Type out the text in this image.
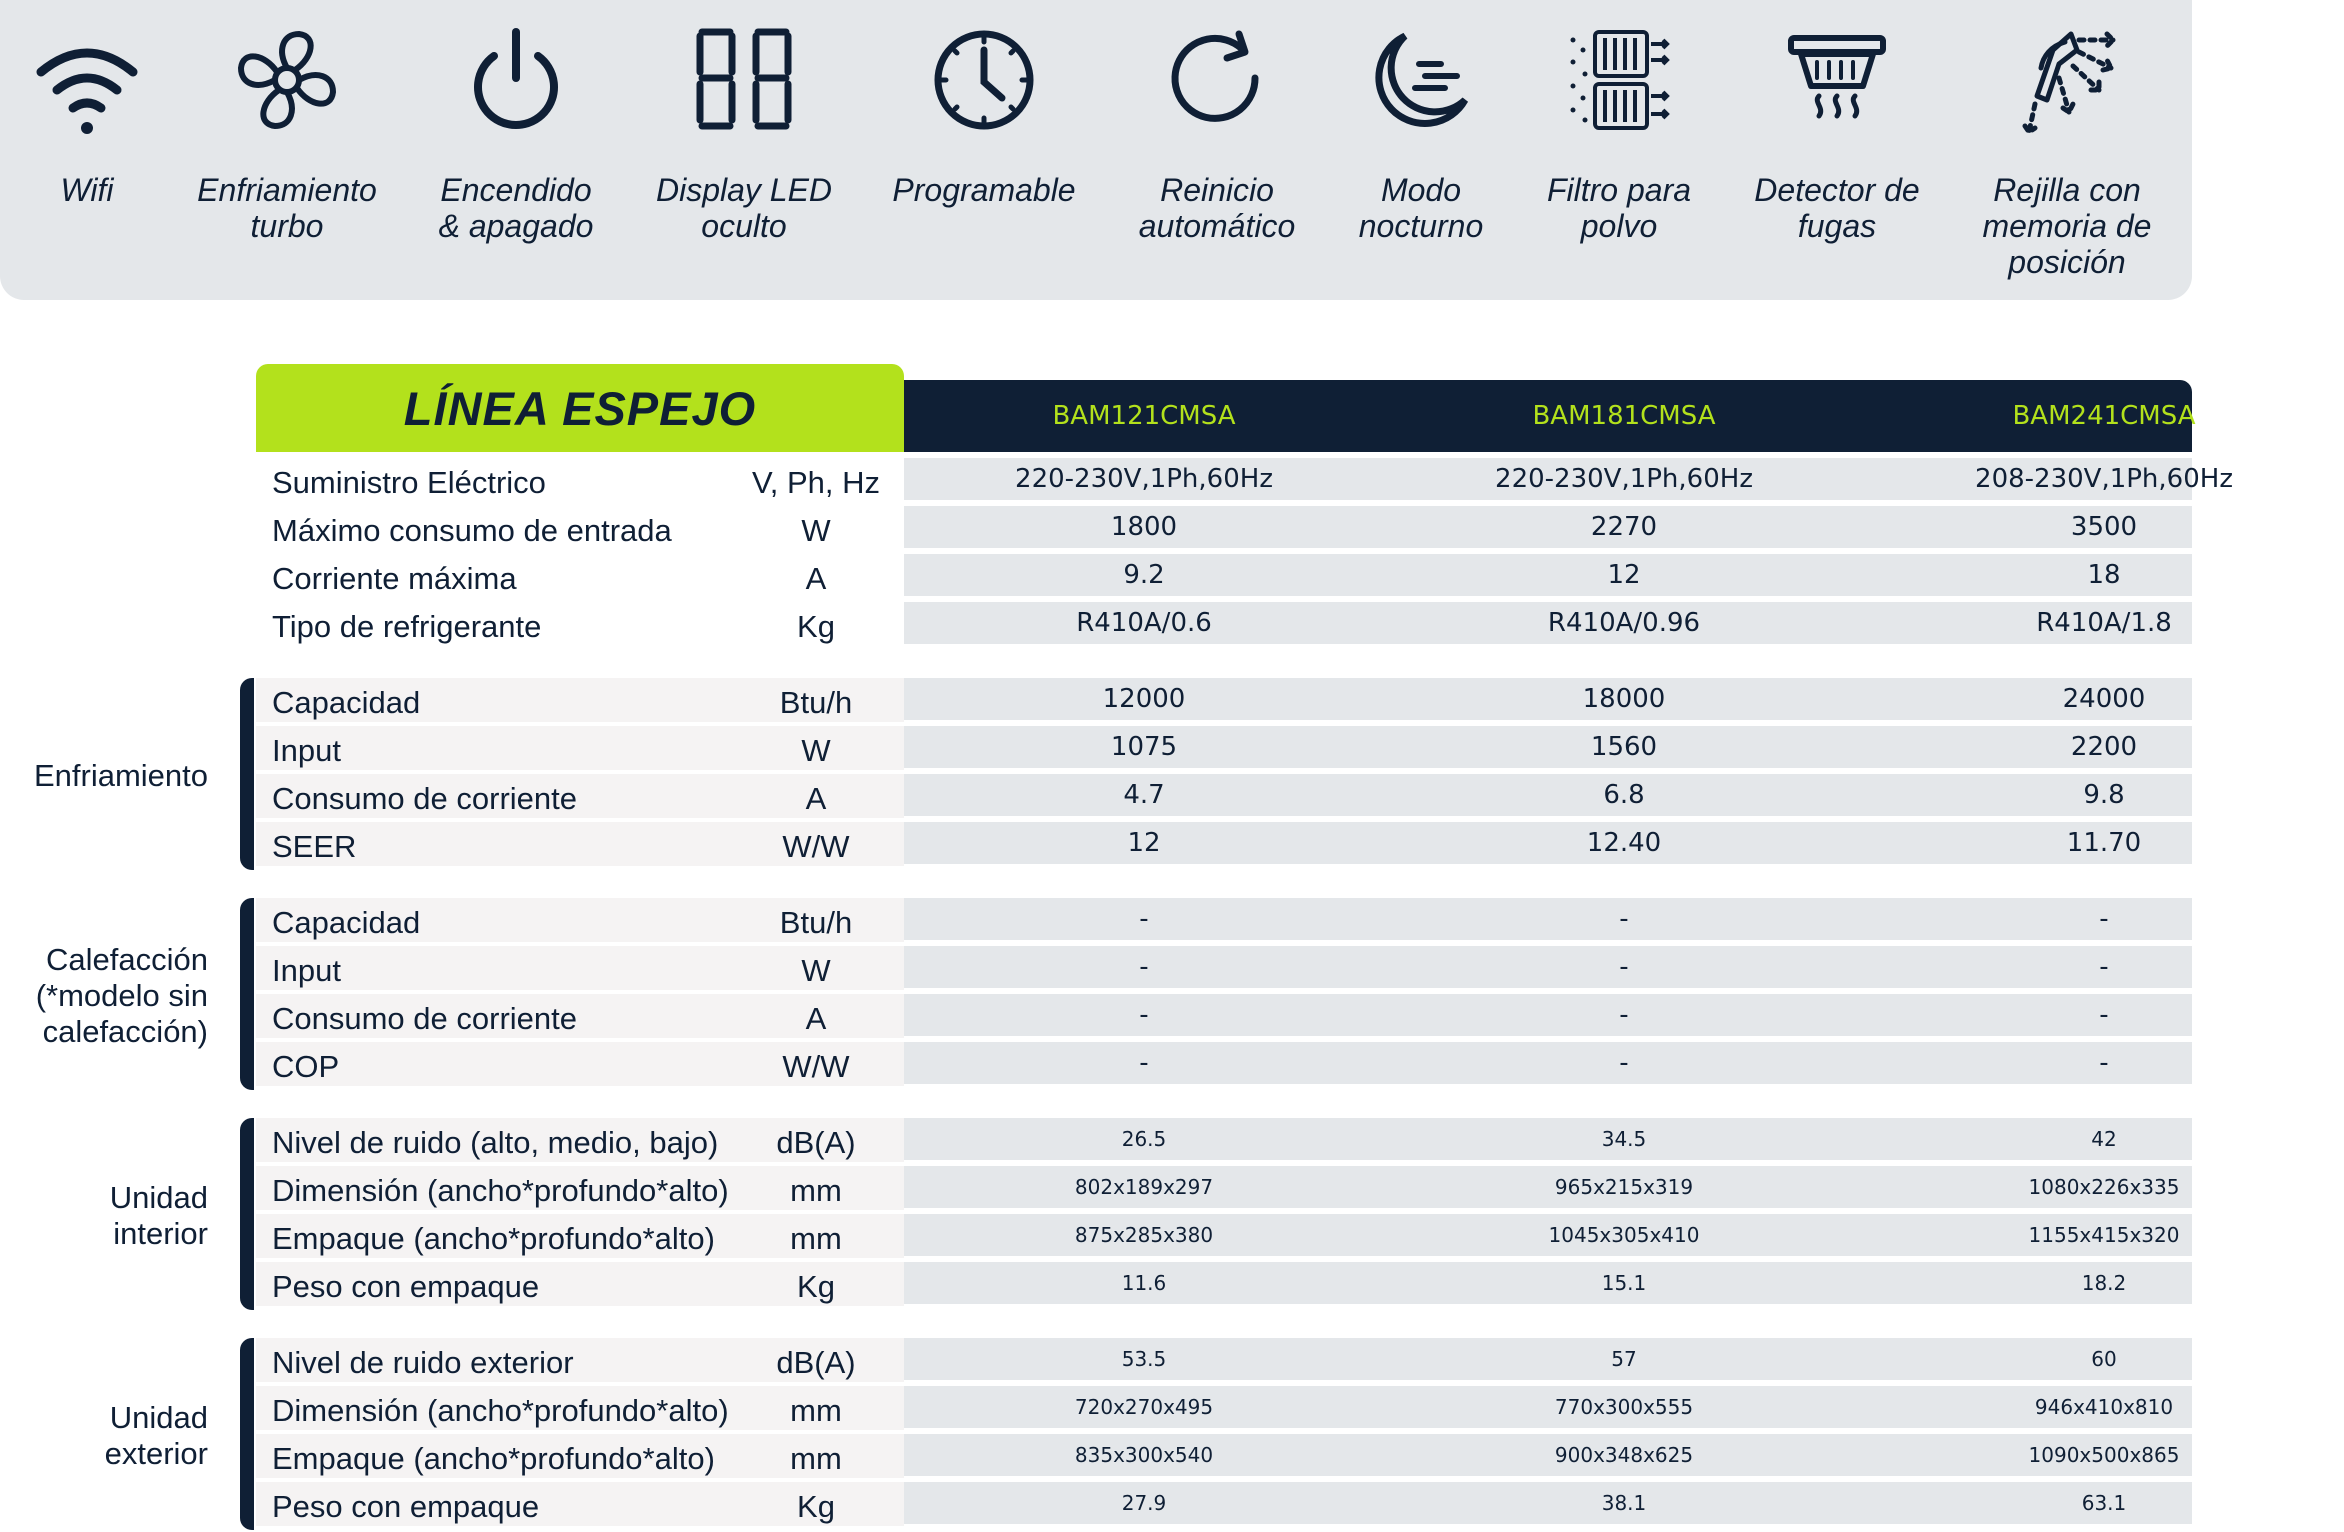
Wifi	Enfriamiento
turbo
Encendido
& apagado
Display LED
oculto
Programable	Reinicio
automático
Modo
nocturno
Filtro para
polvo
Detector de
fugas
Rejilla con
memoria de
posición
LÍNEA ESPEJO	BAM121CMSA	BAM181CMSA	BAM241CMSA
Suministro Eléctrico	V, Ph, Hz	220-230V,1Ph,60Hz	220-230V,1Ph,60Hz	208-230V,1Ph,60Hz
Máximo consumo de entrada	W	1800	2270	3500
Corriente máxima	A	9.2	12	18
Tipo de refrigerante	Kg	R410A/0.6	R410A/0.96	R410A/1.8
Enfriamiento
Capacidad	Btu/h	12000	18000	24000
Input	W	1075	1560	2200
Consumo de corriente	A	4.7	6.8	9.8
SEER	W/W	12	12.40	11.70
Calefacción
(*modelo sin
calefacción)
Capacidad	Btu/h	-	-	-
Input	W	-	-	-
Consumo de corriente	A	-	-	-
COP	W/W	-	-	-
Unidad
interior
Nivel de ruido (alto, medio, bajo)	dB(A)	26.5	34.5	42
Dimensión (ancho*profundo*alto)	mm	802x189x297	965x215x319	1080x226x335
Empaque (ancho*profundo*alto)	mm	875x285x380	1045x305x410	1155x415x320
Peso con empaque	Kg	11.6	15.1	18.2
Unidad
exterior
Nivel de ruido exterior	dB(A)	53.5	57	60
Dimensión (ancho*profundo*alto)	mm	720x270x495	770x300x555	946x410x810
Empaque (ancho*profundo*alto)	mm	835x300x540	900x348x625	1090x500x865
Peso con empaque	Kg	27.9	38.1	63.1
